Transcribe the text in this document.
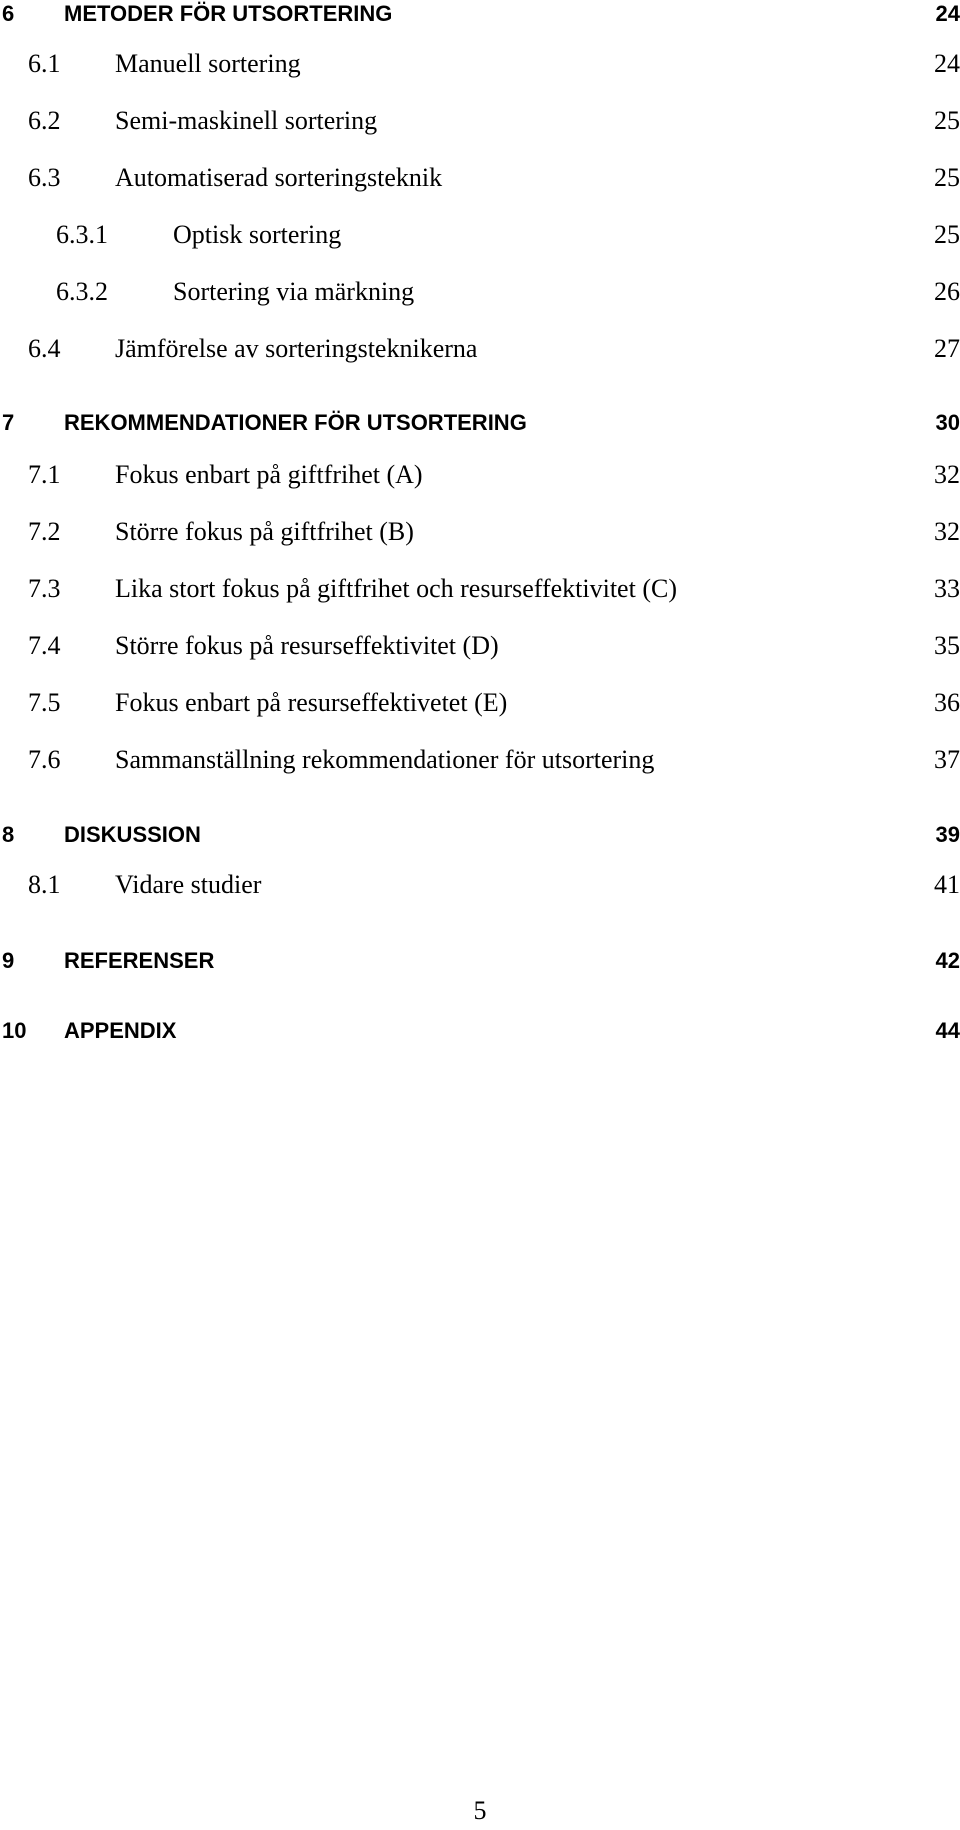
6 METODER FÖR UTSORTERING	24
6.1 Manuell sortering	24
6.2 Semi-maskinell sortering	25
6.3 Automatiserad sorteringsteknik	25
6.3.1	Optisk sortering	25
6.3.2	Sortering via märkning	26
6.4 Jämförelse av sorteringsteknikerna	27
7 REKOMMENDATIONER FÖR UTSORTERING	30
7.1 Fokus enbart på giftfrihet (A)	32
7.2 Större fokus på giftfrihet (B)	32
7.3 Lika stort fokus på giftfrihet och resurseffektivitet (C)	33
7.4 Större fokus på resurseffektivitet (D)	35
7.5 Fokus enbart på resurseffektivetet (E)	36
7.6 Sammanställning rekommendationer för utsortering	37
8 DISKUSSION	39
8.1 Vidare studier	41
9 REFERENSER	42
10 APPENDIX	44
5
